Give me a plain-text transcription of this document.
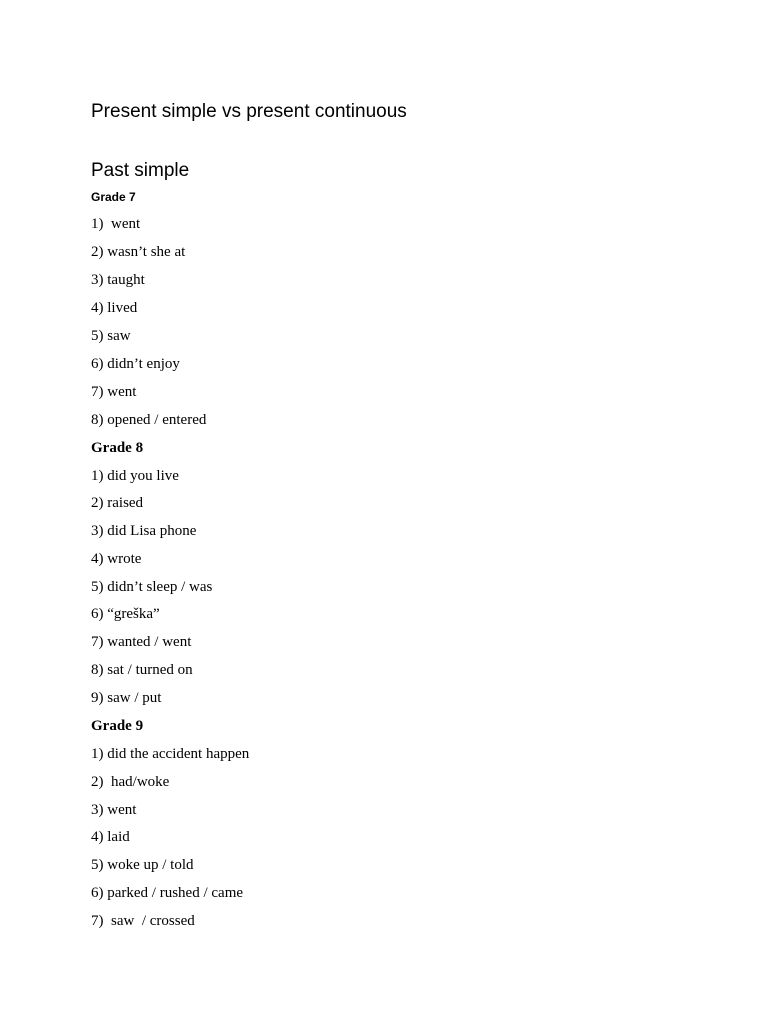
Present simple vs present continuous
Past simple
Grade 7
1)  went
2) wasn’t she at
3) taught
4) lived
5) saw
6) didn’t enjoy
7) went
8) opened / entered
Grade 8
1) did you live
2) raised
3) did Lisa phone
4) wrote
5) didn’t sleep / was
6) “greška”
7) wanted / went
8) sat / turned on
9) saw / put
Grade 9
1) did the accident happen
2)  had/woke
3) went
4) laid
5) woke up / told
6) parked / rushed / came
7)  saw  / crossed
